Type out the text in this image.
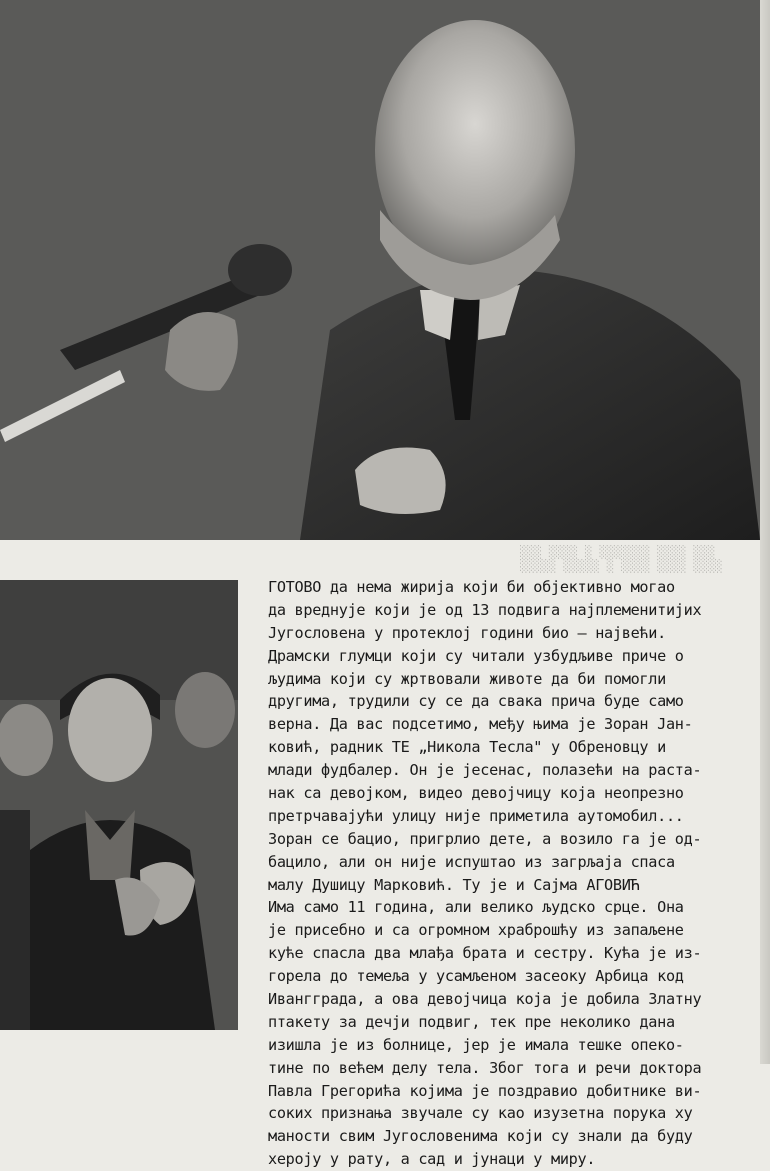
░░░ ░░░░ ░ ░░░░░░░ ░░░░ ░░░
░░░░░ ░░░░░ ░ ░░░░ ░░░░ ░░░░
ГОТОВО да нема жирија који би објективно могао
да вреднује који је од 13 подвига најплеменитијих
Југословена у протеклој години био — највећи.
Драмски глумци који су читали узбудљиве приче о
људима који су жртвовали животе да би помогли
другима, трудили су се да свака прича буде само
верна. Да вас подсетимо, међу њима је Зоран Јан-
ковић, радник ТЕ „Никола Тесла" у Обреновцу и
млади фудбалер. Он је јесенас, полазећи на раста-
нак са девојком, видео девојчицу која неопрезно
претрчавајући улицу није приметила аутомобил...
Зоран се бацио, пригрлио дете, а возило га је од-
бацило, али он није испуштао из загрљаја спаса
малу Душицу Марковић. Ту је и Сајма АГОВИЋ
Има само 11 година, али велико људско срце. Она
је присебно и са огромном храброшћу из запаљене
куће спасла два млађа брата и сестру. Кућа је из-
горела до темеља у усамљеном засеоку Арбица код
Ивангграда, а ова девојчица која је добила Златну
птакету за дечји подвиг, тек пре неколико дана
изишла је из болнице, јер је имала тешке опеко-
тине по већем делу тела. Због тога и речи доктора
Павла Грегорића којима је поздравио добитнике ви-
соких признања звучале су као изузетна порука ху
маности свим Југословенима који су знали да буду
херoју у рату, а сад и јунаци у миру.
